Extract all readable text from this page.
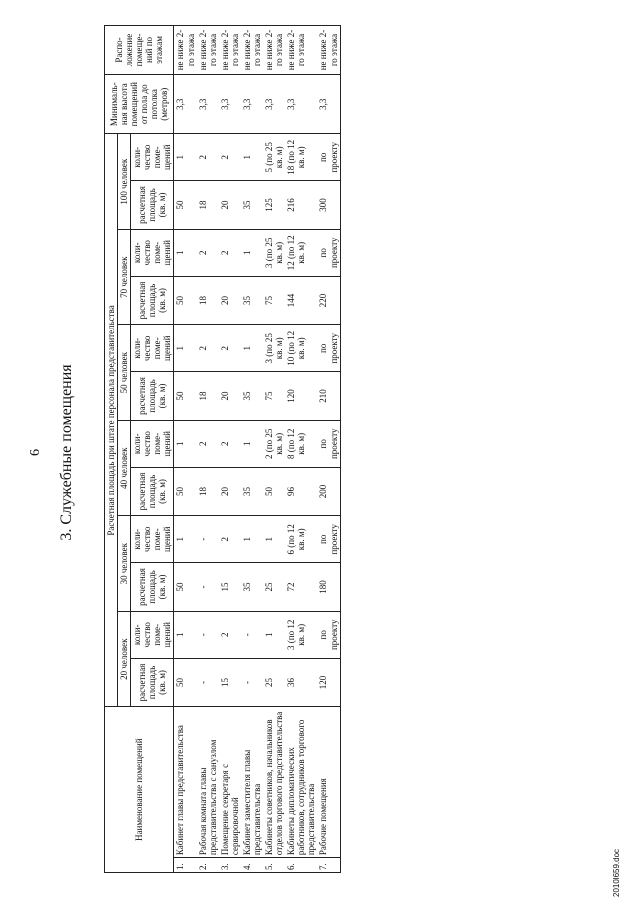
6 3. Служебные помещения
Наименование помещений		Расчетная площадь при штате персонала представительства												Минималь- ная высота помещений от пола до потолка (метров)	Распо- ложение помеще- ний по этажам
		20 человек		30 человек		40 человек		50 человек		70 человек		100 человек			
		расчетная площадь (кв. м)	коли- чество поме- щений	расчетная площадь (кв. м)	коли- чество поме- щений	расчетная площадь (кв. м)	коли- чество поме- щений	расчетная площадь (кв. м)	коли- чество поме- щений	расчетная площадь (кв. м)	коли- чество поме- щений	расчетная площадь (кв. м)	коли- чество поме- щений		
1.	Кабинет главы представительства	50	1	50	1	50	1	50	1	50	1	50	1	3,3	не ниже 2-го этажа
2.	Рабочая комната главы представительства с санузлом	-	-	-	-	18	2	18	2	18	2	18	2	3,3	не ниже 2-го этажа
3.	Помещение секретаря с сервировочной	15	2	15	2	20	2	20	2	20	2	20	2	3,3	не ниже 2-го этажа
4.	Кабинет заместителя главы представительства	-	-	35	1	35	1	35	1	35	1	35	1	3,3	не ниже 2-го этажа
5.	Кабинеты советников, начальников отделов торгового представительства	25	1	25	1	50	2 (по 25 кв. м)	75	3 (по 25 кв. м)	75	3 (по 25 кв. м)	125	5 (по 25 кв. м)	3,3	не ниже 2-го этажа
6.	Кабинеты дипломатических работников, сотрудников торгового представительства	36	3 (по 12 кв. м)	72	6 (по 12 кв. м)	96	8 (по 12 кв. м)	120	10 (по 12 кв. м)	144	12 (по 12 кв. м)	216	18 (по 12 кв. м)	3,3	не ниже 2-го этажа
7.	Рабочие помещения	120	по проекту	180	по проекту	200	по проекту	210	по проекту	220	по проекту	300	по проекту	3,3	не ниже 2-го этажа
2010l659.doc
